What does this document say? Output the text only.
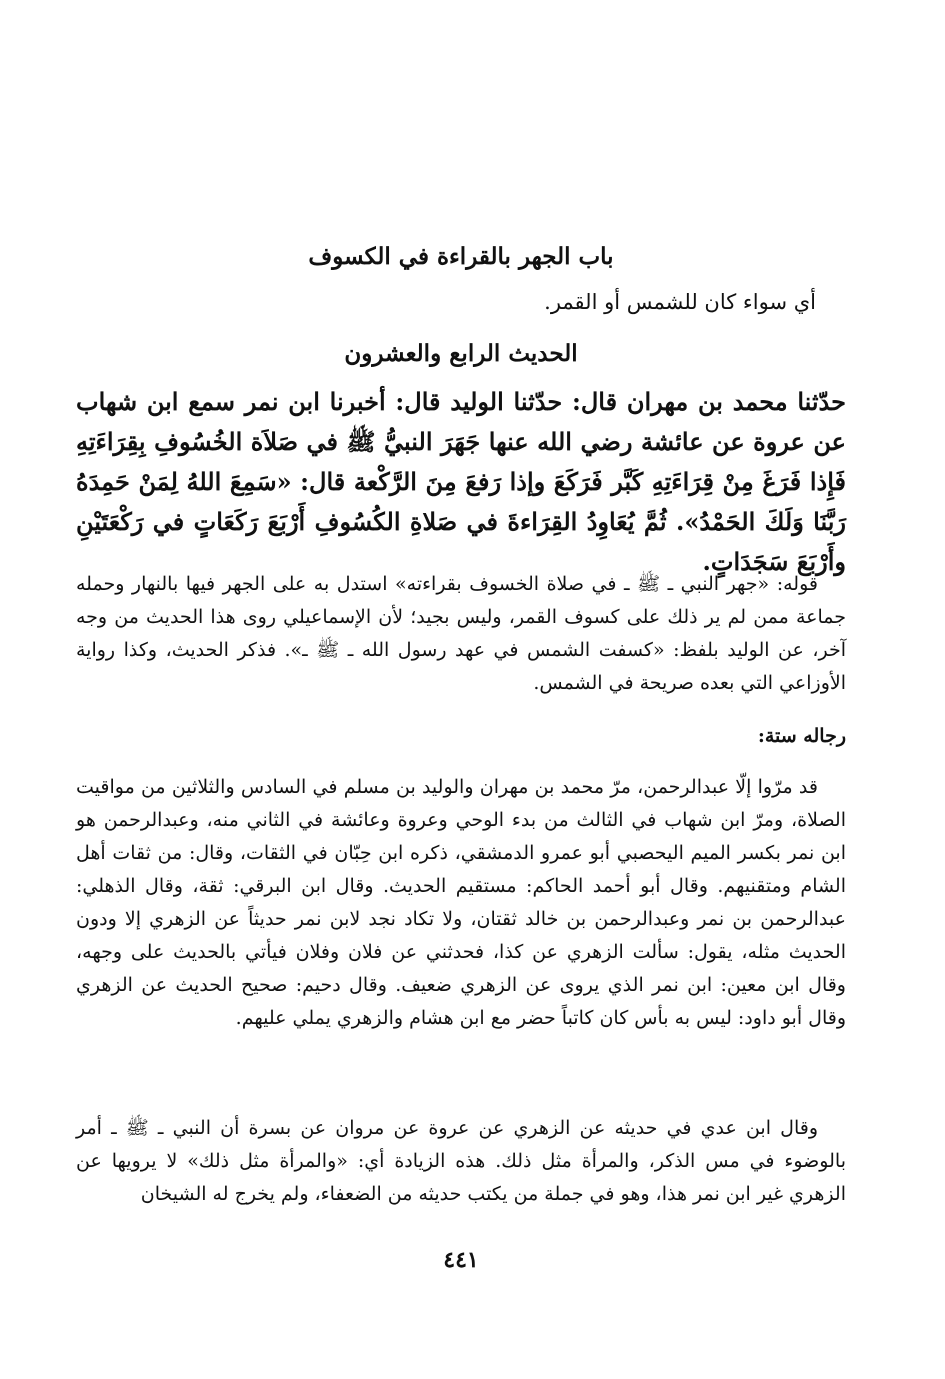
باب الجهر بالقراءة في الكسوف

أي سواء كان للشمس أو القمر.

الحديث الرابع والعشرون

حدّثنا محمد بن مهران قال: حدّثنا الوليد قال: أخبرنا ابن نمر سمع ابن شهاب عن عروة عن عائشة رضي الله عنها جَهَرَ النبيُّ ﷺ في صَلاَة الخُسُوفِ بِقِرَاءَتِهِ فَإِذا فَرَغَ مِنْ قِرَاءَتِهِ كَبَّر فَرَكَعَ وإذا رَفعَ مِنَ الرَّكْعة قال: «سَمِعَ اللهُ لِمَنْ حَمِدَهُ رَبَّنَا وَلَكَ الحَمْدُ». ثُمَّ يُعَاوِدُ القِرَاءةَ في صَلاةِ الكُسُوفِ أَرْبَعَ رَكَعَاتٍ في رَكْعَتَيْنِ وأَرْبَعَ سَجَدَاتٍ.

قوله: «جهر النبي ـ ﷺ ـ في صلاة الخسوف بقراءته» استدل به على الجهر فيها بالنهار وحمله جماعة ممن لم ير ذلك على كسوف القمر، وليس بجيد؛ لأن الإسماعيلي روى هذا الحديث من وجه آخر، عن الوليد بلفظ: «كسفت الشمس في عهد رسول الله ـ ﷺ ـ». فذكر الحديث، وكذا رواية الأوزاعي التي بعده صريحة في الشمس.

رجاله ستة:

قد مرّوا إلّا عبدالرحمن، مرّ محمد بن مهران والوليد بن مسلم في السادس والثلاثين من مواقيت الصلاة، ومرّ ابن شهاب في الثالث من بدء الوحي وعروة وعائشة في الثاني منه، وعبدالرحمن هو ابن نمر بكسر الميم اليحصبي أبو عمرو الدمشقي، ذكره ابن حِبّان في الثقات، وقال: من ثقات أهل الشام ومتقنيهم. وقال أبو أحمد الحاكم: مستقيم الحديث. وقال ابن البرقي: ثقة، وقال الذهلي: عبدالرحمن بن نمر وعبدالرحمن بن خالد ثقتان، ولا تكاد نجد لابن نمر حديثاً عن الزهري إلا ودون الحديث مثله، يقول: سألت الزهري عن كذا، فحدثني عن فلان وفلان فيأتي بالحديث على وجهه، وقال ابن معين: ابن نمر الذي يروى عن الزهري ضعيف. وقال دحيم: صحيح الحديث عن الزهري وقال أبو داود: ليس به بأس كان كاتباً حضر مع ابن هشام والزهري يملي عليهم.

وقال ابن عدي في حديثه عن الزهري عن عروة عن مروان عن بسرة أن النبي ـ ﷺ ـ أمر بالوضوء في مس الذكر، والمرأة مثل ذلك. هذه الزيادة أي: «والمرأة مثل ذلك» لا يرويها عن الزهري غير ابن نمر هذا، وهو في جملة من يكتب حديثه من الضعفاء، ولم يخرج له الشيخان

٤٤١
